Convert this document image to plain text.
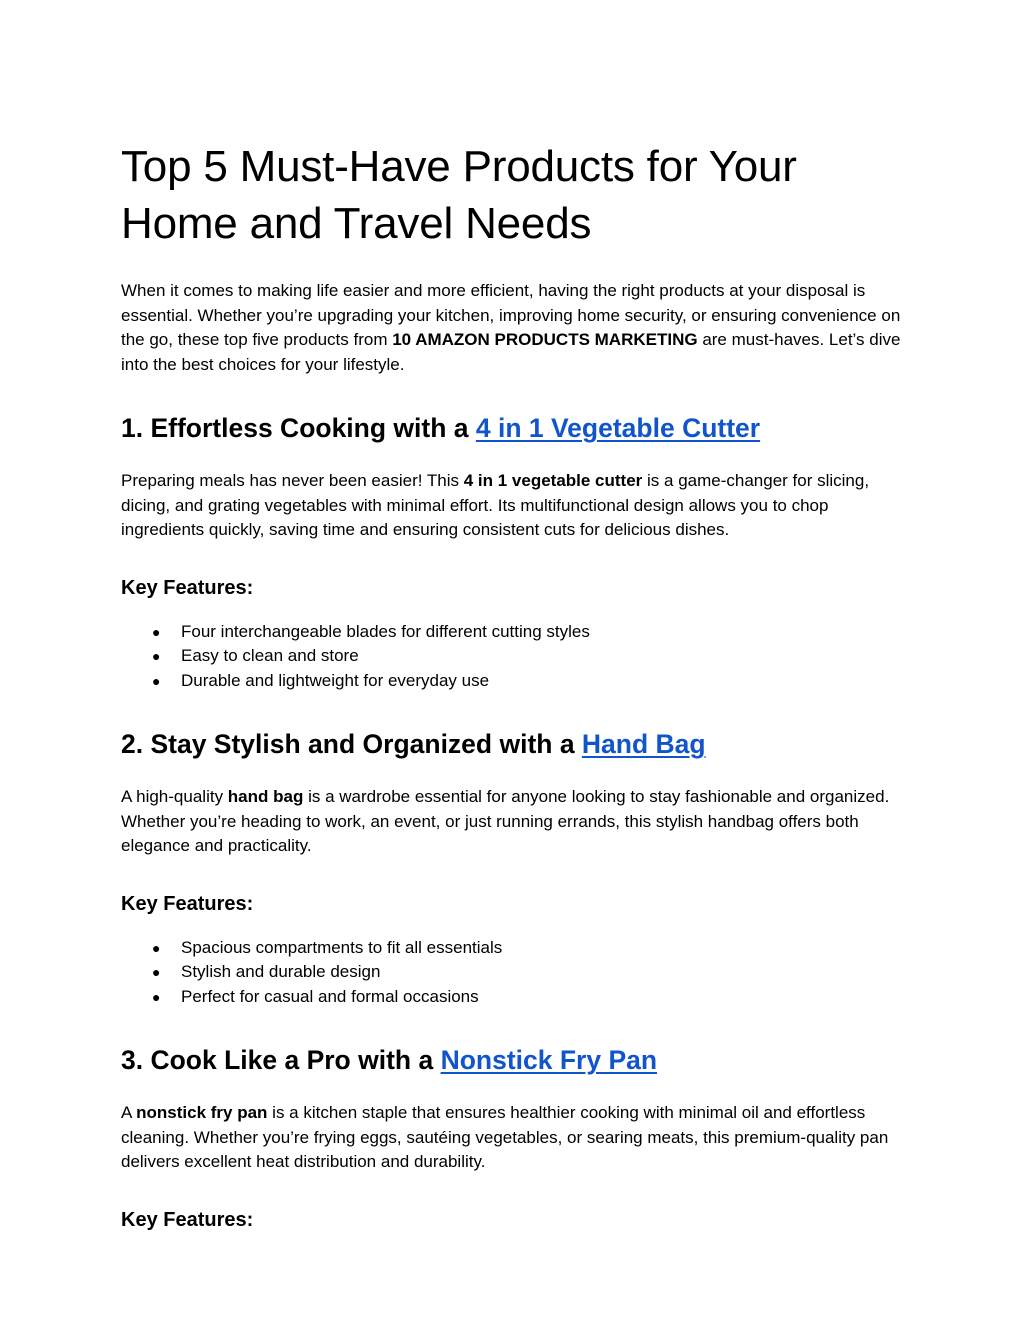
Top 5 Must-Have Products for Your Home and Travel Needs

When it comes to making life easier and more efficient, having the right products at your disposal is essential. Whether you’re upgrading your kitchen, improving home security, or ensuring convenience on the go, these top five products from 10 AMAZON PRODUCTS MARKETING are must-haves. Let’s dive into the best choices for your lifestyle.

1. Effortless Cooking with a 4 in 1 Vegetable Cutter

Preparing meals has never been easier! This 4 in 1 vegetable cutter is a game-changer for slicing, dicing, and grating vegetables with minimal effort. Its multifunctional design allows you to chop ingredients quickly, saving time and ensuring consistent cuts for delicious dishes.

Key Features:
● Four interchangeable blades for different cutting styles
● Easy to clean and store
● Durable and lightweight for everyday use
2. Stay Stylish and Organized with a Hand Bag

A high-quality hand bag is a wardrobe essential for anyone looking to stay fashionable and organized. Whether you’re heading to work, an event, or just running errands, this stylish handbag offers both elegance and practicality.

Key Features:
● Spacious compartments to fit all essentials
● Stylish and durable design
● Perfect for casual and formal occasions
3. Cook Like a Pro with a Nonstick Fry Pan

A nonstick fry pan is a kitchen staple that ensures healthier cooking with minimal oil and effortless cleaning. Whether you’re frying eggs, sautéing vegetables, or searing meats, this premium-quality pan delivers excellent heat distribution and durability.

Key Features:
